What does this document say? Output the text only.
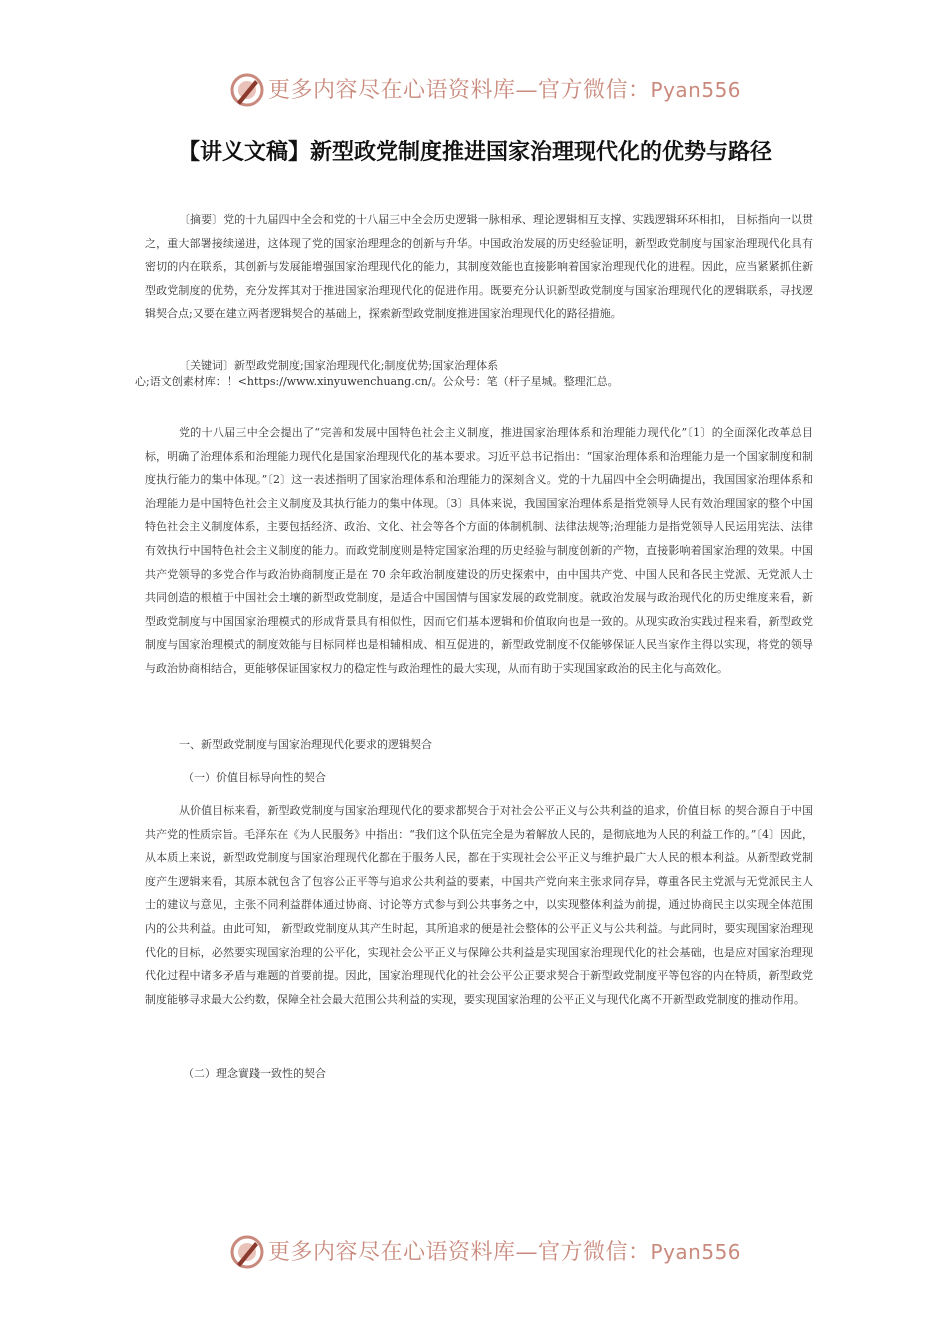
更多内容尽在心语资料库—官方微信：Pyan556
【讲义文稿】新型政党制度推进国家治理现代化的优势与路径

〔摘要〕党的十九届四中全会和党的十八届三中全会历史逻辑一脉相承、理论逻辑相互支撑、实践逻辑环环相扣， 目标指向一以贯之，重大部署接续递进，这体现了党的国家治理理念的创新与升华。中国政治发展的历史经验证明，新型政党制度与国家治理现代化具有密切的内在联系，其创新与发展能增强国家治理现代化的能力，其制度效能也直接影响着国家治理现代化的进程。因此，应当紧紧抓住新型政党制度的优势，充分发挥其对于推进国家治理现代化的促进作用。既要充分认识新型政党制度与国家治理现代化的逻辑联系，寻找逻辑契合点;又要在建立两者逻辑契合的基础上，探索新型政党制度推进国家治理现代化的路径措施。

〔关键词〕新型政党制度;国家治理现代化;制度优势;国家治理体系
心;语文创素材库：！<https://www.xinyuwenchuang.cn/。公众号：笔（杆子星城。整理汇总。

党的十八届三中全会提出了“完善和发展中国特色社会主义制度，推进国家治理体系和治理能力现代化”〔1〕的全面深化改革总目标，明确了治理体系和治理能力现代化是国家治理现代化的基本要求。习近平总书记指出：“国家治理体系和治理能力是一个国家制度和制度执行能力的集中体现。”〔2〕这一表述指明了国家治理体系和治理能力的深刻含义。党的十九届四中全会明确提出，我国国家治理体系和治理能力是中国特色社会主义制度及其执行能力的集中体现。〔3〕具体来说，我国国家治理体系是指党领导人民有效治理国家的整个中国特色社会主义制度体系，主要包括经济、政治、文化、社会等各个方面的体制机制、法律法规等;治理能力是指党领导人民运用宪法、法律有效执行中国特色社会主义制度的能力。而政党制度则是特定国家治理的历史经验与制度创新的产物，直接影响着国家治理的效果。中国共产党领导的多党合作与政治协商制度正是在 70 余年政治制度建设的历史探索中，由中国共产党、中国人民和各民主党派、无党派人士共同创造的根植于中国社会土壤的新型政党制度，是适合中国国情与国家发展的政党制度。就政治发展与政治现代化的历史维度来看，新型政党制度与中国国家治理模式的形成背景具有相似性，因而它们基本逻辑和价值取向也是一致的。从现实政治实践过程来看，新型政党制度与国家治理模式的制度效能与目标同样也是相辅相成、相互促进的，新型政党制度不仅能够保证人民当家作主得以实现，将党的领导与政治协商相结合，更能够保证国家权力的稳定性与政治理性的最大实现，从而有助于实现国家政治的民主化与高效化。

一、新型政党制度与国家治理现代化要求的逻辑契合

（一）价值目标导向性的契合

从价值目标来看，新型政党制度与国家治理现代化的要求都契合于对社会公平正义与公共利益的追求，价值目标 的契合源自于中国共产党的性质宗旨。毛泽东在《为人民服务》中指出：“我们这个队伍完全是为着解放人民的，是彻底地为人民的利益工作的。”〔4〕因此，从本质上来说，新型政党制度与国家治理现代化都在于服务人民，都在于实现社会公平正义与维护最广大人民的根本利益。从新型政党制度产生逻辑来看，其原本就包含了包容公正平等与追求公共利益的要素，中国共产党向来主张求同存异，尊重各民主党派与无党派民主人士的建议与意见，主张不同利益群体通过协商、讨论等方式参与到公共事务之中，以实现整体利益为前提，通过协商民主以实现全体范围内的公共利益。由此可知， 新型政党制度从其产生时起，其所追求的便是社会整体的公平正义与公共利益。与此同时，要实现国家治理现代化的目标，必然要实现国家治理的公平化，实现社会公平正义与保障公共利益是实现国家治理现代化的社会基础，也是应对国家治理现代化过程中诸多矛盾与难题的首要前提。因此，国家治理现代化的社会公平公正要求契合于新型政党制度平等包容的内在特质，新型政党制度能够寻求最大公约数，保障全社会最大范围公共利益的实现，要实现国家治理的公平正义与现代化离不开新型政党制度的推动作用。

（二）理念實踐一致性的契合

更多内容尽在心语资料库—官方微信：Pyan556
